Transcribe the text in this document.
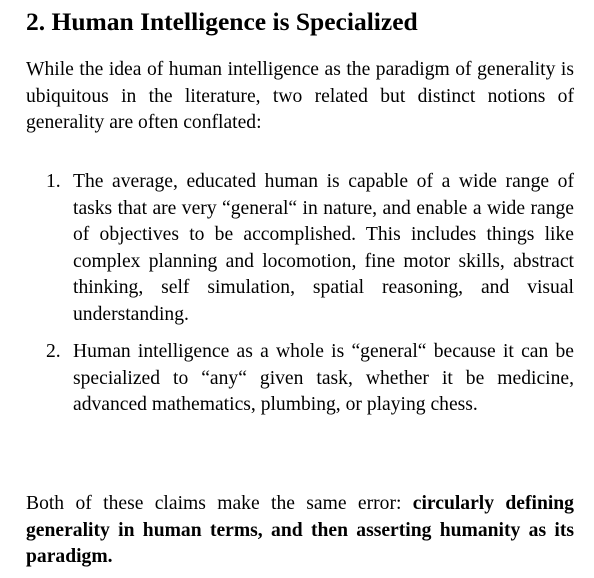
2. Human Intelligence is Specialized

While the idea of human intelligence as the paradigm of generality is ubiquitous in the literature, two related but distinct notions of generality are often conflated:

1. The average, educated human is capable of a wide range of tasks that are very “general“ in nature, and enable a wide range of objectives to be accomplished. This includes things like complex planning and locomotion, fine motor skills, abstract thinking, self simulation, spatial reasoning, and visual understanding.
2. Human intelligence as a whole is “general“ because it can be specialized to “any“ given task, whether it be medicine, advanced mathematics, plumbing, or playing chess.

Both of these claims make the same error: circularly defining generality in human terms, and then asserting humanity as its paradigm.
